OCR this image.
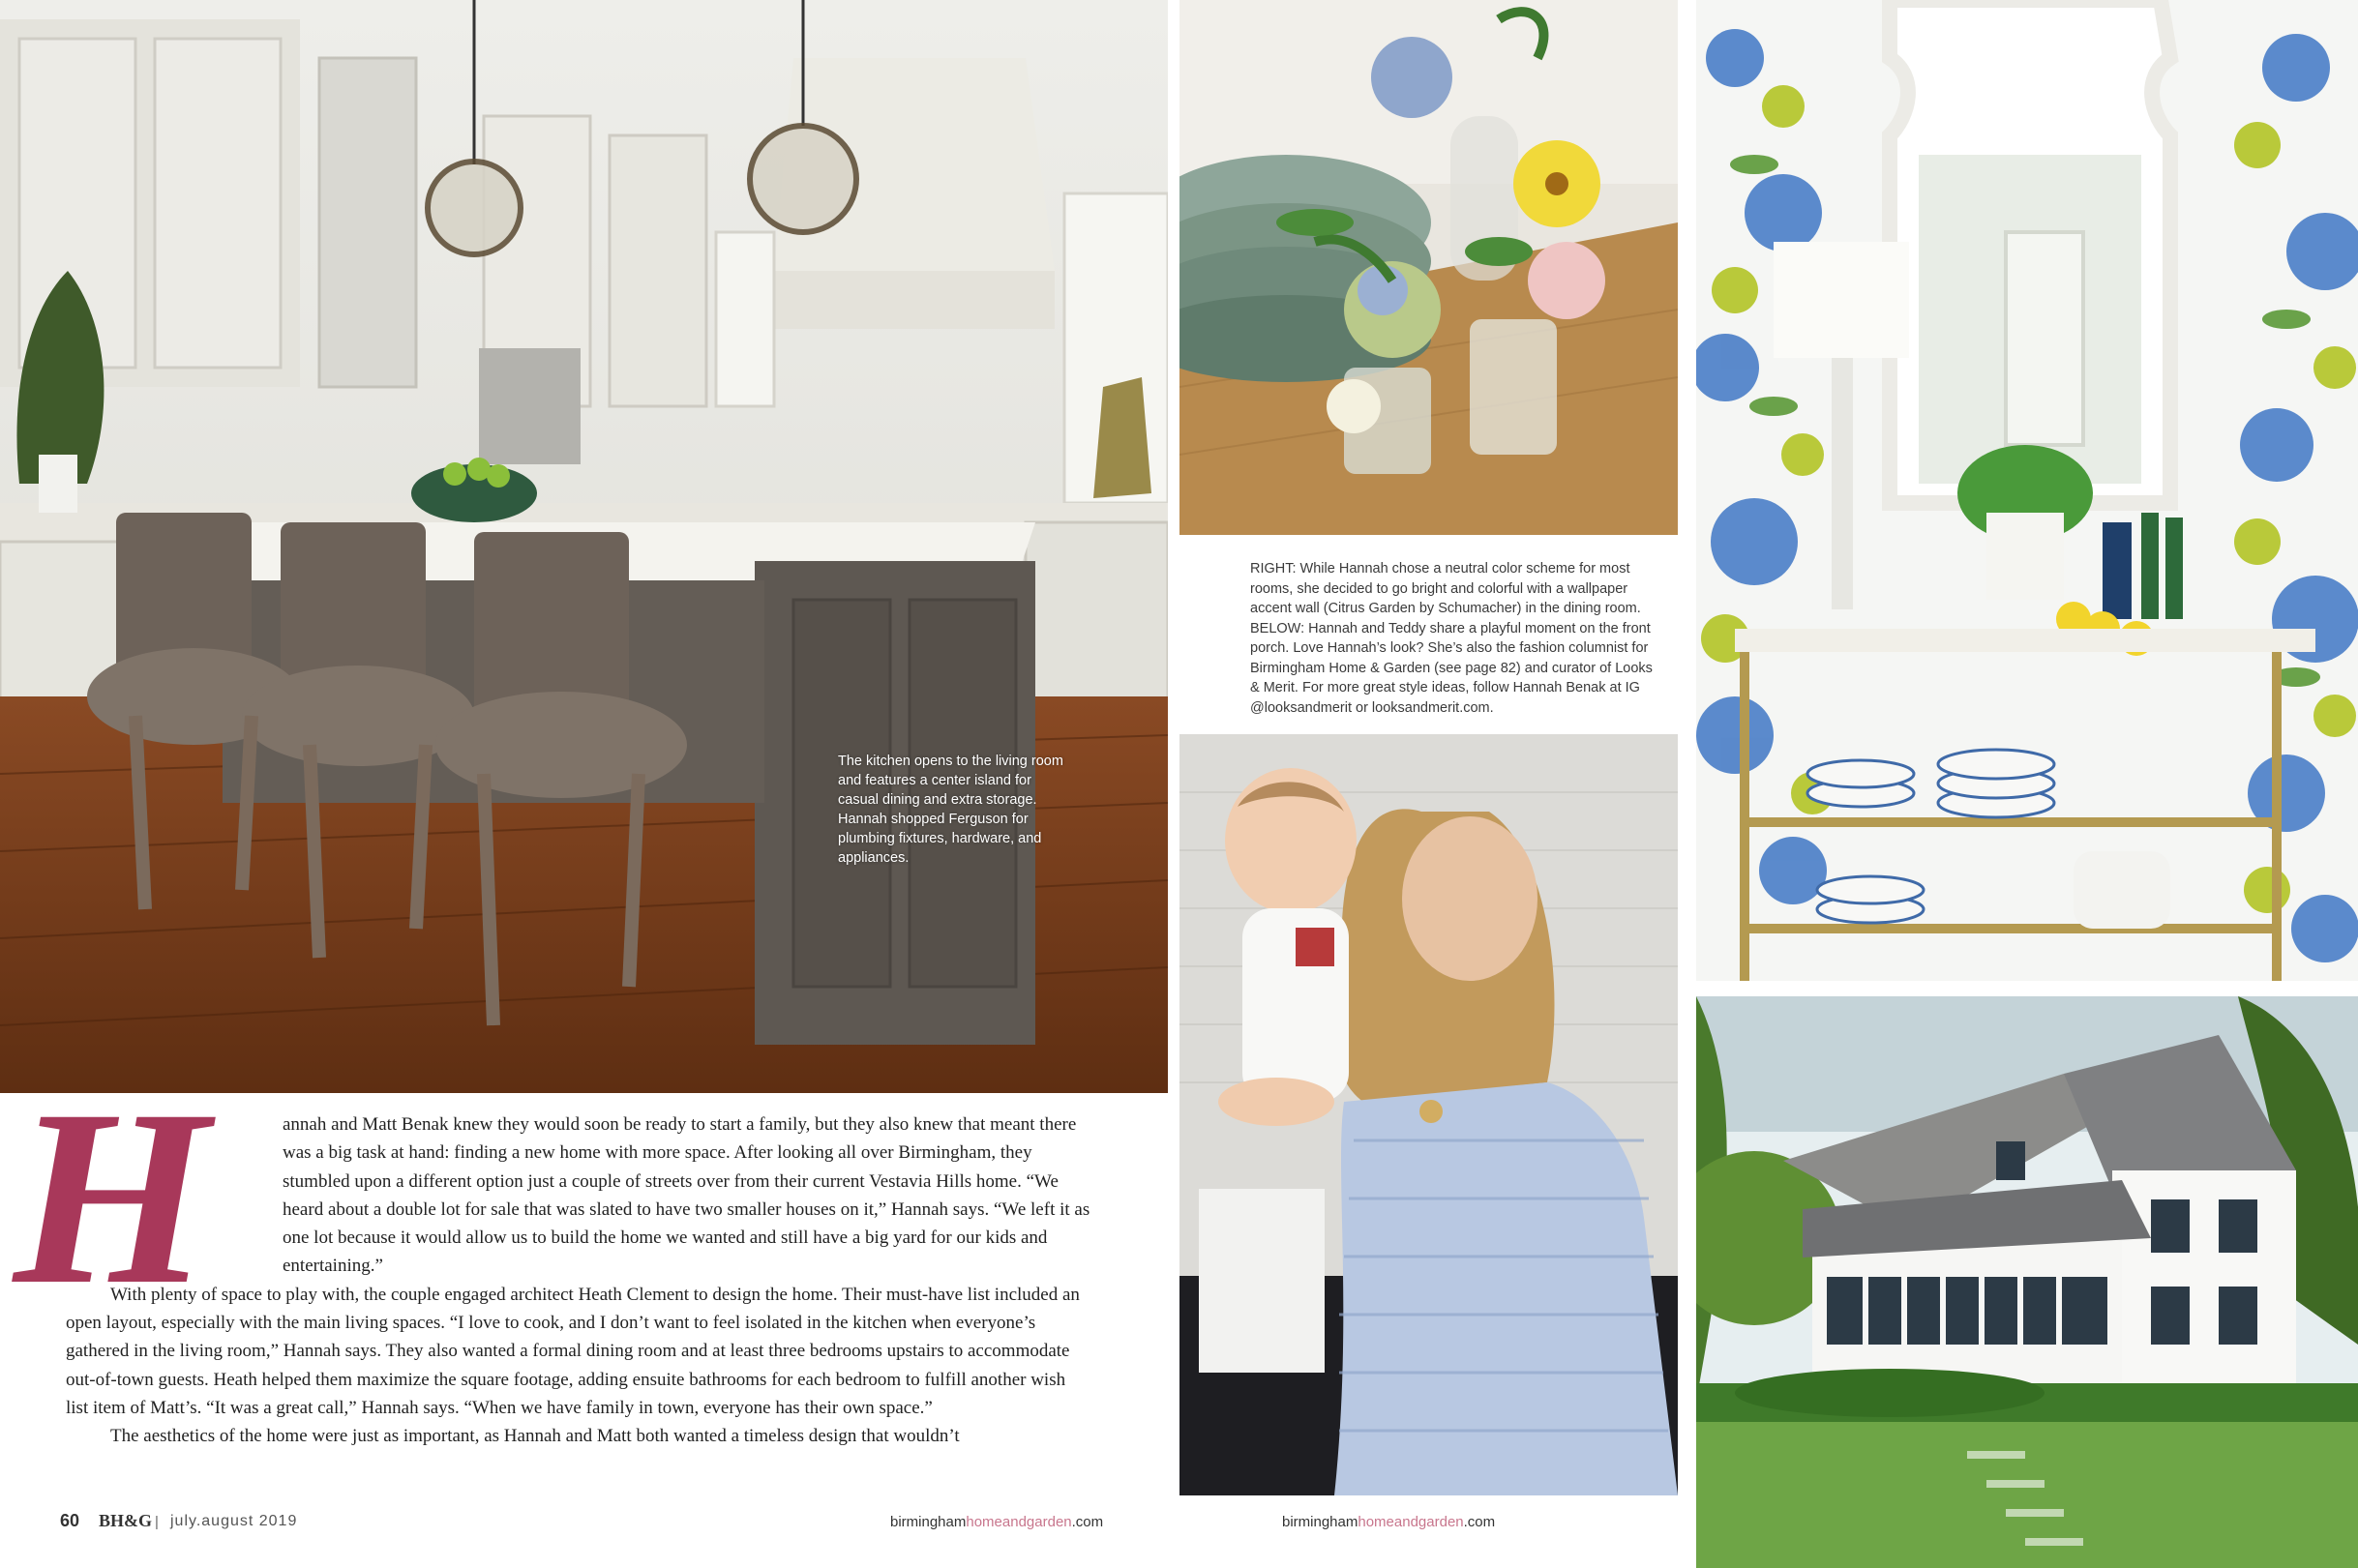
The kitchen opens to the living room and features a center island for casual dining and extra storage. Hannah shopped Ferguson for plumbing fixtures, hardware, and appliances.

RIGHT: While Hannah chose a neutral color scheme for most rooms, she decided to go bright and colorful with a wallpaper accent wall (Citrus Garden by Schumacher) in the dining room.

BELOW: Hannah and Teddy share a playful moment on the front porch. Love Hannah’s look? She’s also the fashion columnist for Birmingham Home & Garden (see page 82) and curator of Looks & Merit. For more great style ideas, follow Hannah Benak at IG @looksandmerit or looksandmerit.com.

H	annah and Matt Benak knew they would soon be ready to start a family, but they also knew that meant there was a big task at hand: finding a new home with more space. After looking all over Birmingham, they stumbled upon a different option just a couple of streets over from their current Vestavia Hills home. “We heard about a double lot for sale that was slated to have two smaller houses on it,” Hannah says. “We left it as one lot because it would allow us to build the home we wanted and still have a big yard for our kids and entertaining.”

With plenty of space to play with, the couple engaged architect Heath Clement to design the home. Their must-have list included an open layout, especially with the main living spaces. “I love to cook, and I don’t want to feel isolated in the kitchen when everyone’s gathered in the living room,” Hannah says. They also wanted a formal dining room and at least three bedrooms upstairs to accommodate out-of-town guests. Heath helped them maximize the square footage, adding ensuite bathrooms for each bedroom to fulfill another wish list item of Matt’s. “It was a great call,” Hannah says. “When we have family in town, everyone has their own space.”

The aesthetics of the home were just as important, as Hannah and Matt both wanted a timeless design that wouldn’t

60 BH&G | july.august 2019	birminghamhomeandgarden.com	birminghamhomeandgarden.com
